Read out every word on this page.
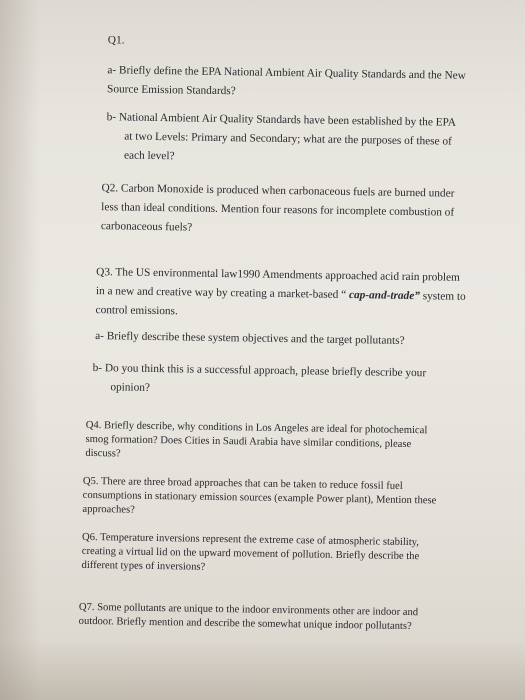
Q1.

a- Briefly define the EPA National Ambient Air Quality Standards and the New Source Emission Standards?

b- National Ambient Air Quality Standards have been established by the EPA
at two Levels: Primary and Secondary; what are the purposes of these of each level?

Q2. Carbon Monoxide is produced when carbonaceous fuels are burned under less than ideal conditions. Mention four reasons for incomplete combustion of carbonaceous fuels?

Q3. The US environmental law1990 Amendments approached acid rain problem in a new and creative way by creating a market-based “ cap-and-trade” system to control emissions.

a- Briefly describe these system objectives and the target pollutants?

b- Do you think this is a successful approach, please briefly describe your
opinion?

Q4. Briefly describe, why conditions in Los Angeles are ideal for photochemical smog formation? Does Cities in Saudi Arabia have similar conditions, please discuss?

Q5. There are three broad approaches that can be taken to reduce fossil fuel consumptions in stationary emission sources (example Power plant), Mention these approaches?

Q6. Temperature inversions represent the extreme case of atmospheric stability, creating a virtual lid on the upward movement of pollution. Briefly describe the different types of inversions?

Q7. Some pollutants are unique to the indoor environments other are indoor and outdoor. Briefly mention and describe the somewhat unique indoor pollutants?
